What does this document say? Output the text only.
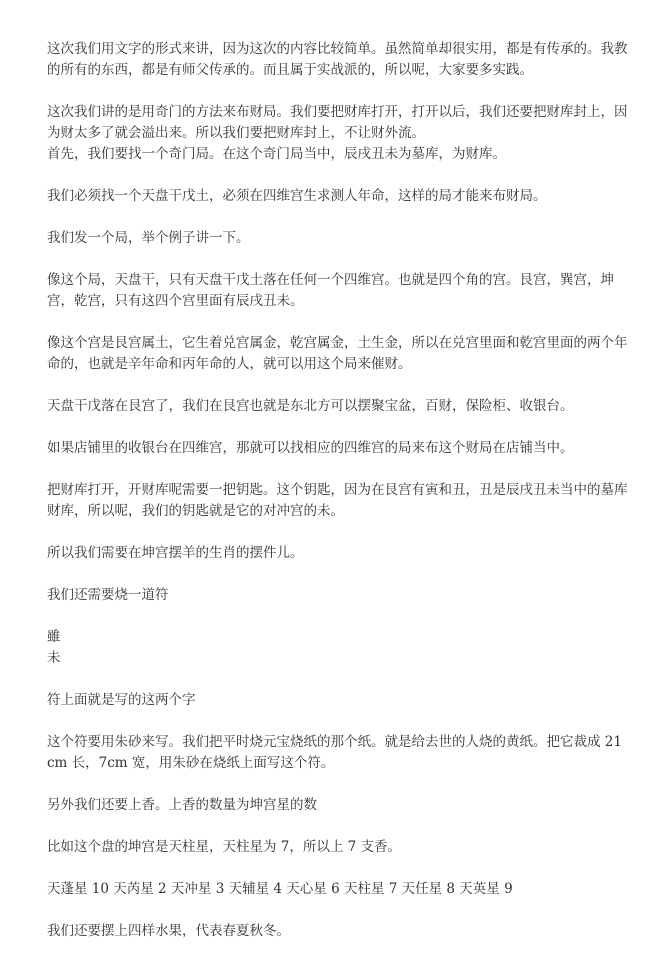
这次我们用文字的形式来讲，因为这次的内容比较简单。虽然简单却很实用，都是有传承的。我教的所有的东西，都是有师父传承的。而且属于实战派的，所以呢，大家要多实践。

这次我们讲的是用奇门的方法来布财局。我们要把财库打开，打开以后，我们还要把财库封上，因为财太多了就会溢出来。所以我们要把财库封上，不让财外流。

首先，我们要找一个奇门局。在这个奇门局当中，辰戌丑未为墓库，为财库。

我们必须找一个天盘干戊土，必须在四维宫生求测人年命，这样的局才能来布财局。

我们发一个局，举个例子讲一下。

像这个局，天盘干，只有天盘干戊土落在任何一个四维宫。也就是四个角的宫。艮宫，巽宫，坤宫，乾宫，只有这四个宫里面有辰戌丑未。

像这个宫是艮宫属土，它生着兑宫属金，乾宫属金，土生金，所以在兑宫里面和乾宫里面的两个年命的，也就是辛年命和丙年命的人，就可以用这个局来催财。

天盘干戊落在艮宫了，我们在艮宫也就是东北方可以摆聚宝盆，百财，保险柜、收银台。

如果店铺里的收银台在四维宫，那就可以找相应的四维宫的局来布这个财局在店铺当中。

把财库打开，开财库呢需要一把钥匙。这个钥匙，因为在艮宫有寅和丑，丑是辰戌丑未当中的墓库财库，所以呢，我们的钥匙就是它的对冲宫的未。

所以我们需要在坤宫摆羊的生肖的摆件儿。

我们还需要烧一道符

雖

未

符上面就是写的这两个字

这个符要用朱砂来写。我们把平时烧元宝烧纸的那个纸。就是给去世的人烧的黄纸。把它裁成 21cm 长，7cm 宽，用朱砂在烧纸上面写这个符。

另外我们还要上香。上香的数量为坤宫星的数

比如这个盘的坤宫是天柱星，天柱星为 7，所以上 7 支香。

天蓬星 10 天芮星 2 天冲星 3 天辅星 4 天心星 6 天柱星 7 天任星 8 天英星 9

我们还要摆上四样水果，代表春夏秋冬。
